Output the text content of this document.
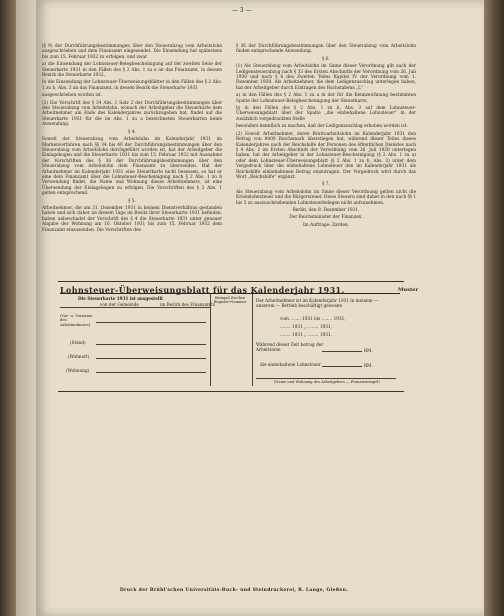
— 3 —

(§ 9) der Durchführungsbestimmungen über den Steuerabzug vom Arbeitslohn ausgeschrieben und dem Finanzamt eingesendet. Die Einsendung hat spätestens bis zum 15. Februar 1932 zu erfolgen, und zwar

a) die Einsendung der Lohnsteuer-Belegbescheinigung auf der zweiten Seite der Steuerkarte 1931 in den Fällen des § 2 Abs. 1 zu a an das Finanzamt, in dessen Bezirk die Steuerkarte 1932,

b) die Einsendung der Lohnsteuer-Überweisungsblätter in den Fällen des § 2 Abs. 1 zu b, Abs. 3 an das Finanzamt, in dessen Bezirk die Steuerkarte 1931

ausgeschrieben worden ist.

(2) Die Vorschrift des § 34 Abs. 1 Satz 2 der Durchführungsbestimmungen über den Steuerabzug vom Arbeitslohn, wonach der Arbeitgeber die Steuerkarte dem Arbeitnehmer am Ende des Kalenderjahres zurückzugeben hat, findet auf die Steuerkarte 1931 für die im Abs. 1 zu a bezeichneten Steuerkarten keine Anwendung.

§ 4.

Soweit der Steuerabzug vom Arbeitslohn im Kalenderjahr 1931 im Markenverfahren nach §§ 34 bis 40 der Durchführungsbestimmungen über den Steuerabzug vom Arbeitslohn durchgeführt worden ist, hat der Arbeitgeber die Einlagebogen und die Steuerkarte 1931 bis zum 15. Februar 1932 mit Ausnahme der Vorschriften des § 36 der Durchführungsbestimmungen über den Steuerabzug vom Arbeitslohn dem Finanzamt zu übersenden. Hat der Arbeitnehmer im Kalenderjahr 1931 eine Steuerkarte nicht besessen, so hat er eine dem Finanzamt über die Lohnsteuer-Bescheinigung nach § 2 Abs. 1 zu b Verwendung findet, die Name und Wohnung dieses Arbeitnehmers, ist eine Übersendung der Einlagebogen zu erfolgen. Die Vorschriften des § 2 Abs. 1 gelten entsprechend.

§ 5.

Arbeitnehmer, die am 31. Dezember 1931 in keinem Dienstverhältnis gestanden haben und sich daher an diesem Tage im Besitz ihrer Steuerkarte 1931 befinden, haben unbeschadet der Vorschrift des § 4 die Steuerkarte 1931 unter genauer Angabe der Wohnung am 10. Oktober 1931 bis zum 15. Februar 1932 dem Finanzamt einzusenden. Die Vorschriften des

§ 36 der Durchführungsbestimmungen über den Steuerabzug vom Arbeitslohn finden entsprechende Anwendung.

§ 6.

(1) Als Steuerabzug vom Arbeitslohn im Sinne dieser Verordnung gilt auch der Ledigensteuerabzug nach § 33 des Ersten Abschnitts der Verordnung vom 26. Juli 1930 und nach § 6 des Zweiten Teiles Kapitel IV der Verordnung vom 1. Dezember 1930. Als Arbeitnehmer, die dem Ledigenzuschlag unterlegen haben, hat der Arbeitgeber durch Eintragen des Buchstabens „L“

a) in den Fällen des § 2 Abs. 1 zu a in der für die Kennzeichnung bestimmten Spalte der Lohnsteuer-Belegbescheinigung der Steuerkarte,

b) in den Fällen des § 2 Abs. 1 zu b, Abs. 3 auf dem Lohnsteuer-Überweisungsblatt über der Spalte „die einbehaltene Lohnsteuer“ in der zusätzlich vorgedruckten Stelle

besonders kenntlich zu machen, daß der Ledigenzuschlag erhoben worden ist.

(2) Soweit Arbeitnehmer, deren Bruttoarbeitslohn im Kalenderjahr 1931 den Betrag von 8400 Reichsmark überstiegen hat, während dieser Teiles dieses Kalenderjahres nach der Reichshilfe der Personen des öffentlichen Dienstes nach § 4 Abs. 2 im Ersten Abschnitt der Verordnung vom 26. Juli 1930 unterlegen haben, hat der Arbeitgeber in der Lohnsteuer-Bescheinigung (§ 2 Abs. 1 zu a) oder dem Lohnsteuer-Überweisungsblatt (§ 2 Abs. 1 zu b, Abs. 3) unter dem Vorgedruck über die einbehaltene Lohnsteuer den im Kalenderjahr 1931 als Reichshilfe einbehaltenen Betrag einzutragen. Der Vorgedruck wird durch das Wort „Reichshilfe“ ergänzt.

§ 7.

Als Steuerabzug vom Arbeitslohn im Sinne dieser Verordnung gelten nicht die Krisenlohnsteuer und die Bürgersteuer. Diese Steuern sind daher in den nach §§ 1 bis 5 zu auszuschreibenden Lohnsteuerbelegen nicht aufzunehmen.

Berlin, den 9. Dezember 1931.

Der Reichsminister der Finanzen.

Im Auftrage: Zarden.

Lohnsteuer-Überweisungsblatt für das Kalenderjahr 1931.	Muster
Die Steuerkarte 1931 ist ausgestellt
von der Gemeinde	im Bezirk des Finanzamts
Stempel Zeichen Register-Nummer
(Vor- u. Vorname des Arbeitnehmers)
(Stand)
(Wohnort)
(Wohnung)
Der Arbeitnehmer ist im Kalenderjahr 1931 in meinem — unserem — Betrieb beschäftigt gewesen
vom ........ 1931 bis ........ 1931,
........ 1931 ,, ........ 1931,
........ 1931 ,, ........ 1931.
Während dieser Zeit betrug der Arbeitslohn	RM.
die einbehaltene Lohnsteuer	RM.
(Name und Wohnung des Arbeitgebers — Firmenstempel)
Druck der Brühl'schen Universitäts-Buch- und Steindruckerei, R. Lange, Gießen.
